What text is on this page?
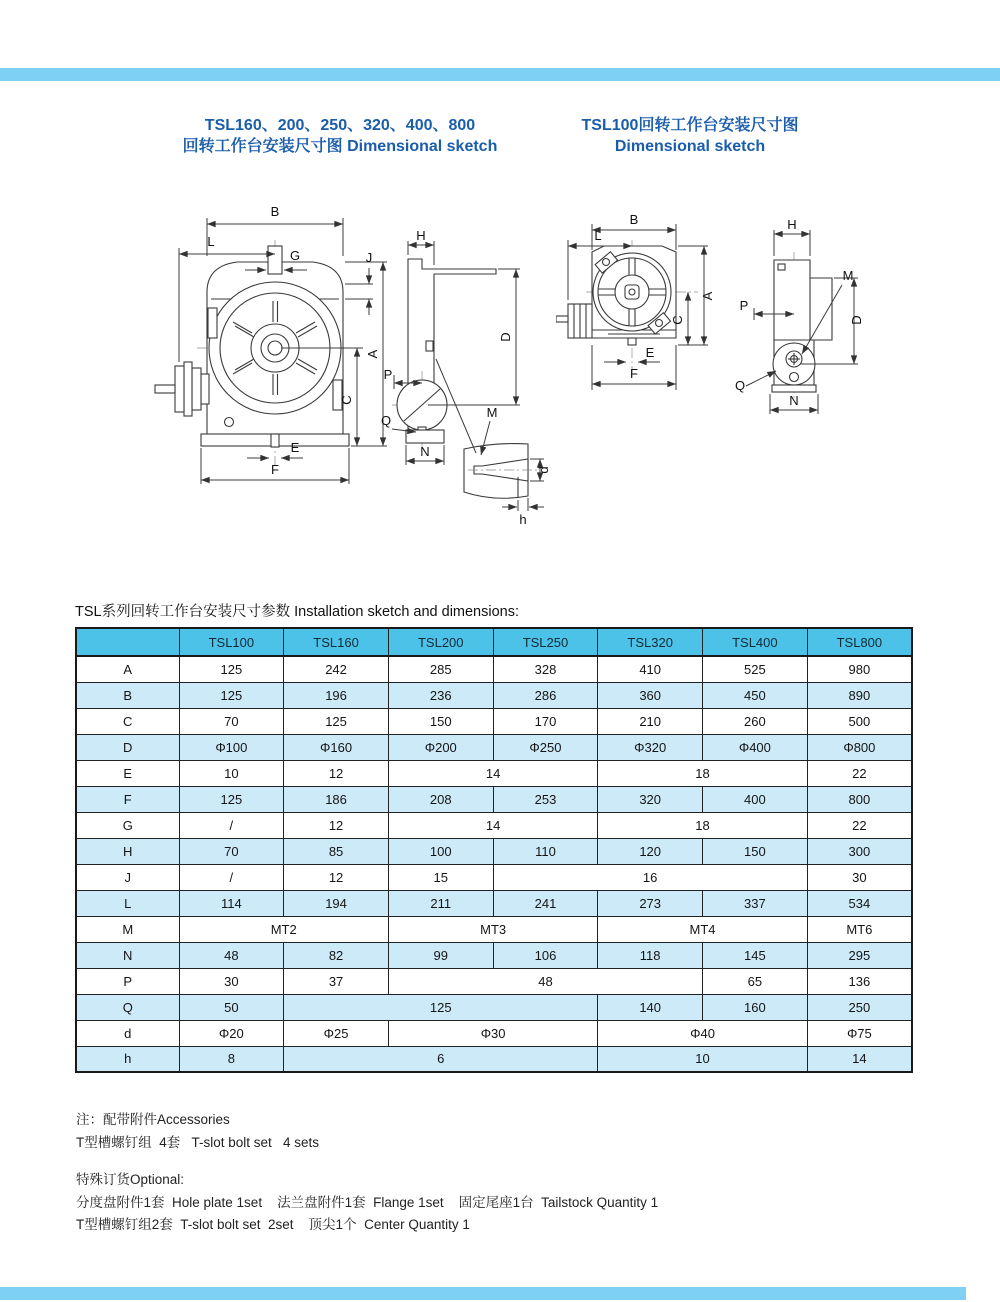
TSL160、200、250、320、400、800
回转工作台安装尺寸图 Dimensional sketch
TSL100回转工作台安装尺寸图
Dimensional sketch
B
L
G	J
A
C
E
F
H
P
D
Q
N
M
d
h
B
L
A
C
E
F
H
M
P
D
Q
N
TSL系列回转工作台安装尺寸参数 Installation sketch and dimensions:
	TSL100	TSL160	TSL200	TSL250	TSL320	TSL400	TSL800
A	125	242	285	328	410	525	980
B	125	196	236	286	360	450	890
C	70	125	150	170	210	260	500
D	Φ100	Φ160	Φ200	Φ250	Φ320	Φ400	Φ800
E	10	12	14		18		22
F	125	186	208	253	320	400	800
G	/	12	14		18		22
H	70	85	100	110	120	150	300
J	/	12	15	16			30
L	114	194	211	241	273	337	534
M	MT2		MT3		MT4		MT6
N	48	82	99	106	118	145	295
P	30	37	48			65	136
Q	50	125			140	160	250
d	Φ20	Φ25	Φ30		Φ40		Φ75
h	8	6			10		14
注：配带附件Accessories
T型槽螺钉组  4套   T-slot bolt set   4 sets
特殊订货Optional:
分度盘附件1套  Hole plate 1set    法兰盘附件1套  Flange 1set    固定尾座1台  Tailstock Quantity 1
T型槽螺钉组2套  T-slot bolt set  2set    顶尖1个  Center Quantity 1
